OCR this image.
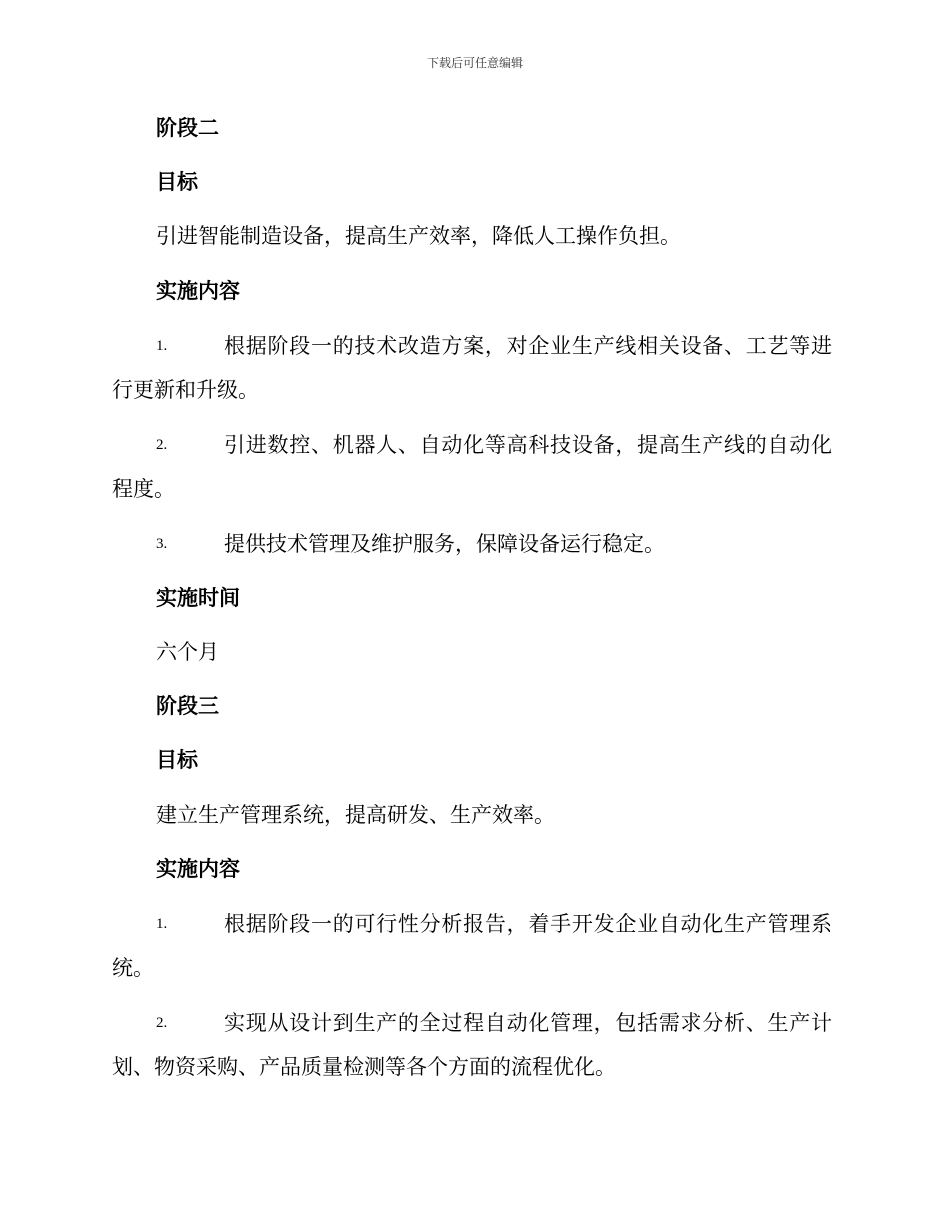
下载后可任意编辑
阶段二
目标
引进智能制造设备，提高生产效率，降低人工操作负担。
实施内容
1.	根据阶段一的技术改造方案，对企业生产线相关设备、工艺等进
行更新和升级。
2.	引进数控、机器人、自动化等高科技设备，提高生产线的自动化
程度。
3.	提供技术管理及维护服务，保障设备运行稳定。
实施时间
六个月
阶段三
目标
建立生产管理系统，提高研发、生产效率。
实施内容
1.	根据阶段一的可行性分析报告，着手开发企业自动化生产管理系
统。
2.	实现从设计到生产的全过程自动化管理，包括需求分析、生产计
划、物资采购、产品质量检测等各个方面的流程优化。
